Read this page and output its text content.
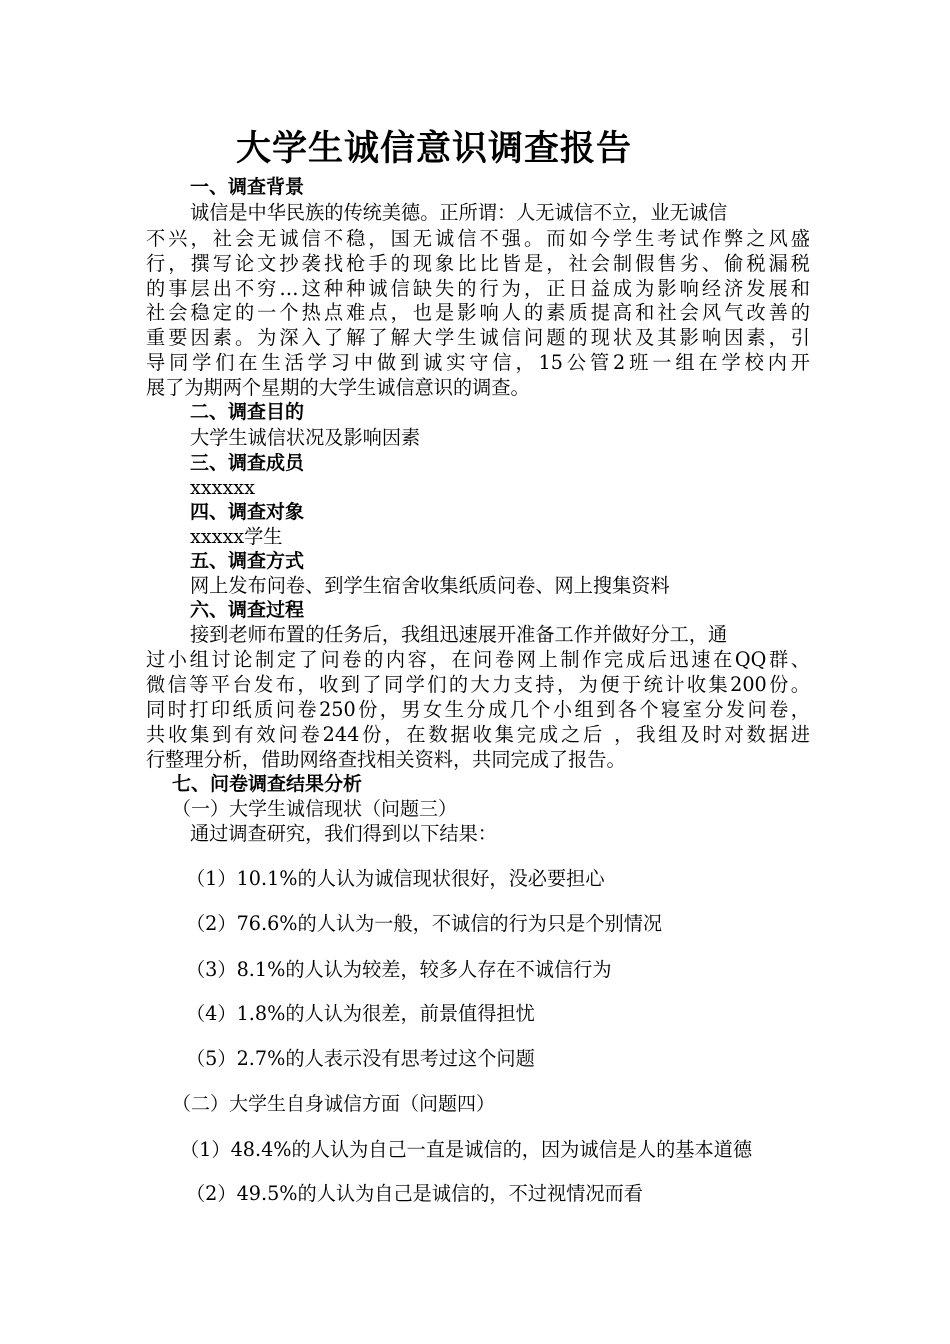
大学生诚信意识调查报告
一、调查背景
诚信是中华民族的传统美德。正所谓：人无诚信不立，业无诚信
不兴，社会无诚信不稳，国无诚信不强。而如今学生考试作弊之风盛
行，撰写论文抄袭找枪手的现象比比皆是，社会制假售劣、偷税漏税
的事层出不穷…这种种诚信缺失的行为，正日益成为影响经济发展和
社会稳定的一个热点难点，也是影响人的素质提高和社会风气改善的
重要因素。为深入了解了解大学生诚信问题的现状及其影响因素，引
导同学们在生活学习中做到诚实守信，15公管2班一组在学校内开
展了为期两个星期的大学生诚信意识的调查。
二、调查目的
大学生诚信状况及影响因素
三、调查成员
xxxxxx
四、调查对象
xxxxx学生
五、调查方式
网上发布问卷、到学生宿舍收集纸质问卷、网上搜集资料
六、调查过程
接到老师布置的任务后，我组迅速展开准备工作并做好分工，通
过小组讨论制定了问卷的内容，在问卷网上制作完成后迅速在QQ群、
微信等平台发布，收到了同学们的大力支持，为便于统计收集200份。
同时打印纸质问卷250份，男女生分成几个小组到各个寝室分发问卷，
共收集到有效问卷244份，在数据收集完成之后 ，我组及时对数据进
行整理分析，借助网络查找相关资料，共同完成了报告。
七、问卷调查结果分析
（一）大学生诚信现状（问题三）
通过调查研究，我们得到以下结果：
（1）10.1%的人认为诚信现状很好，没必要担心
（2）76.6%的人认为一般，不诚信的行为只是个别情况
（3）8.1%的人认为较差，较多人存在不诚信行为
（4）1.8%的人认为很差，前景值得担忧
（5）2.7%的人表示没有思考过这个问题
（二）大学生自身诚信方面（问题四）
（1）48.4%的人认为自己一直是诚信的，因为诚信是人的基本道德
（2）49.5%的人认为自己是诚信的，不过视情况而看
